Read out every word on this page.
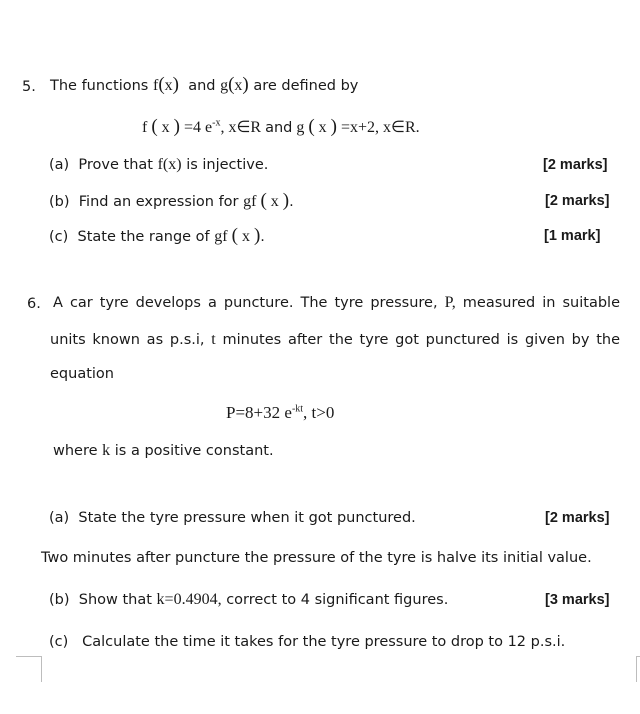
5. The functions f(x) and g(x) are defined by
f ( x ) =4 $e^{-x}$, x∈R and g ( x ) =x+2, x∈R.
(a) Prove that f(x) is injective.	[2 marks]
(b) Find an expression for gf ( x ).	[2 marks]
(c) State the range of gf ( x ).	[1 mark]
6. A car tyre develops a puncture. The tyre pressure, P, measured in suitable
units known as p.s.i, t minutes after the tyre got punctured is given by the
equation
P=8+32 $e^{-kt}$, t>0
where k is a positive constant.
(a) State the tyre pressure when it got punctured.	[2 marks]
Two minutes after puncture the pressure of the tyre is halve its initial value.
(b) Show that k=0.4904, correct to 4 significant figures.	[3 marks]
(c) Calculate the time it takes for the tyre pressure to drop to 12 p.s.i.
